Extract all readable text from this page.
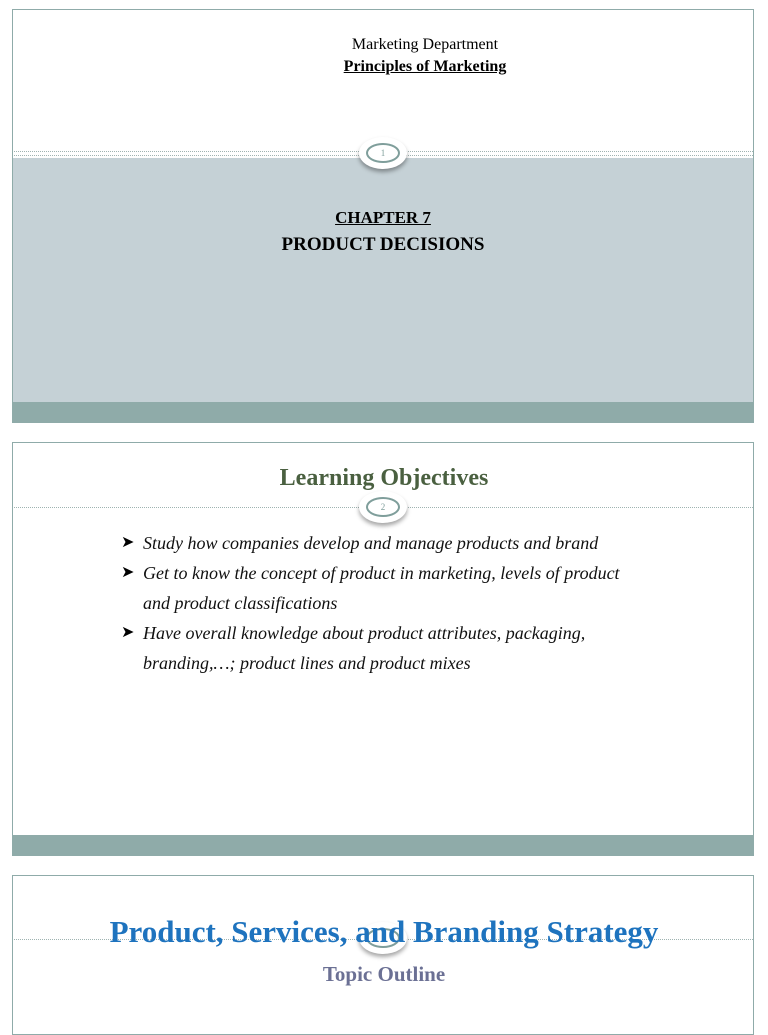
Marketing Department
Principles of Marketing
CHAPTER 7
PRODUCT DECISIONS
1
Learning Objectives
2
➤ Study how companies develop and manage products and brand
➤ Get to know the concept of product in marketing, levels of product
and product classifications
➤ Have overall knowledge about product attributes, packaging,
branding,…; product lines and product mixes
Product, Services, and Branding Strategy
Topic Outline
